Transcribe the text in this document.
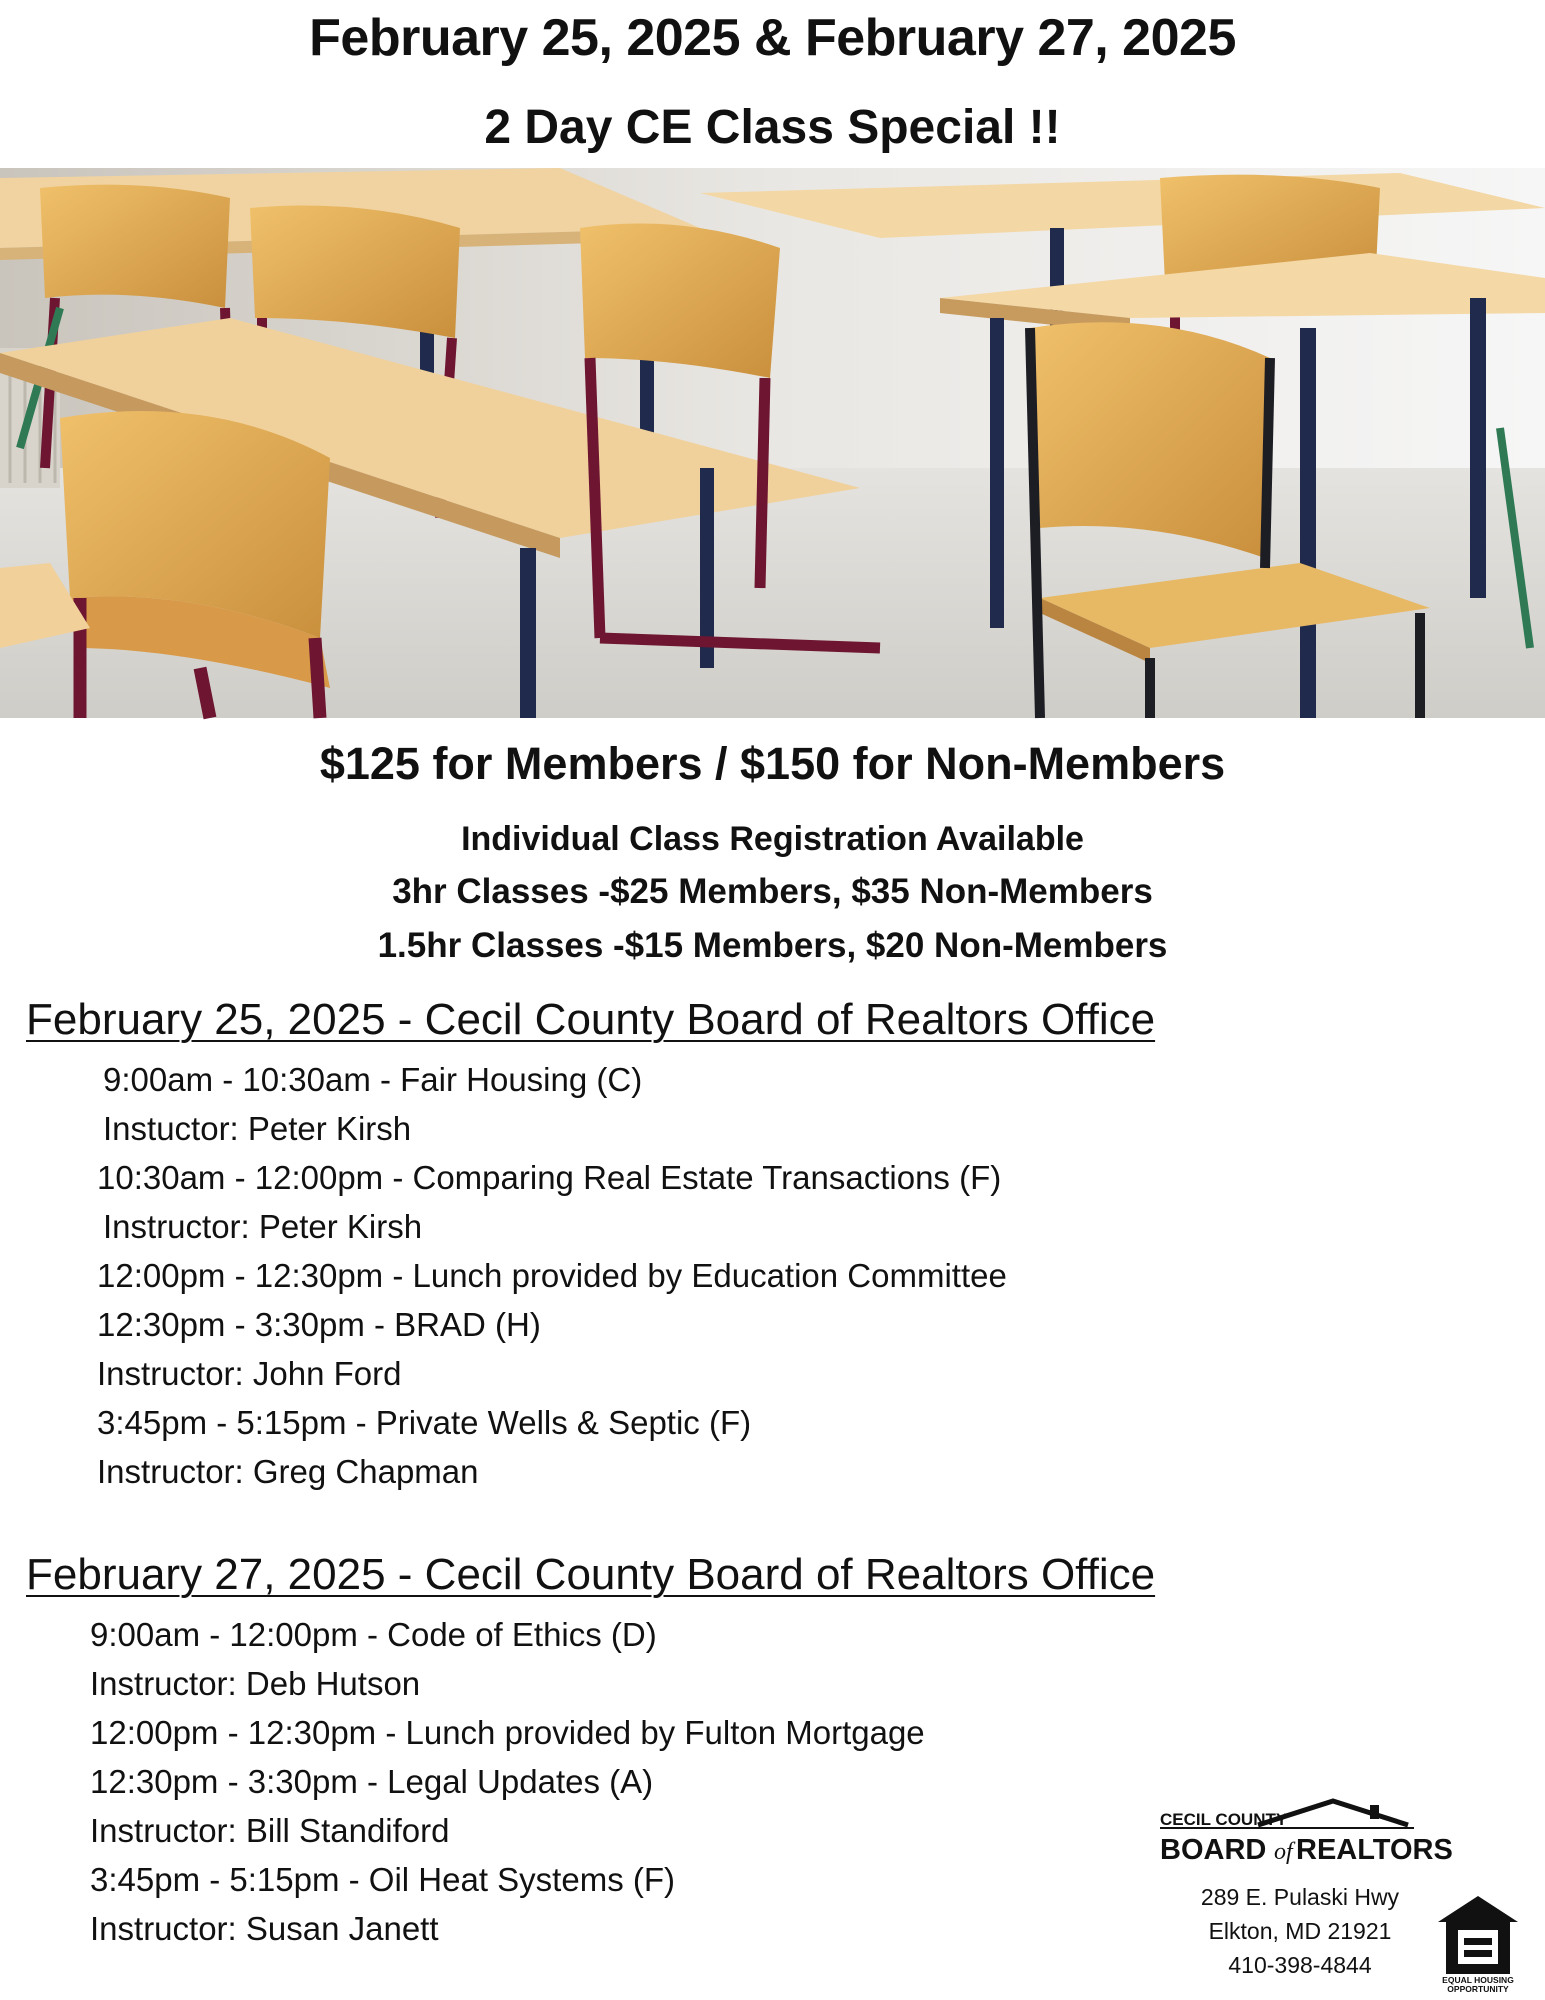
February 25, 2025 & February 27, 2025
2 Day CE Class Special !!
$125 for Members / $150 for Non-Members
Individual Class Registration Available
3hr Classes -$25 Members, $35 Non-Members
1.5hr Classes -$15 Members, $20 Non-Members
February 25, 2025 - Cecil County Board of Realtors Office
9:00am - 10:30am - Fair Housing (C)
Instuctor: Peter Kirsh
10:30am - 12:00pm - Comparing Real Estate Transactions (F)
Instructor: Peter Kirsh
12:00pm - 12:30pm - Lunch provided by Education Committee
12:30pm - 3:30pm - BRAD (H)
Instructor: John Ford
3:45pm - 5:15pm - Private Wells & Septic (F)
Instructor: Greg Chapman
February 27, 2025 - Cecil County Board of Realtors Office
9:00am - 12:00pm - Code of Ethics (D)
Instructor: Deb Hutson
12:00pm - 12:30pm - Lunch provided by Fulton Mortgage
12:30pm - 3:30pm - Legal Updates (A)
Instructor: Bill Standiford
3:45pm - 5:15pm - Oil Heat Systems (F)
Instructor: Susan Janett
CECIL COUNTY
BOARD of REALTORS
289 E. Pulaski Hwy
Elkton, MD 21921
410-398-4844
EQUAL HOUSING
OPPORTUNITY
